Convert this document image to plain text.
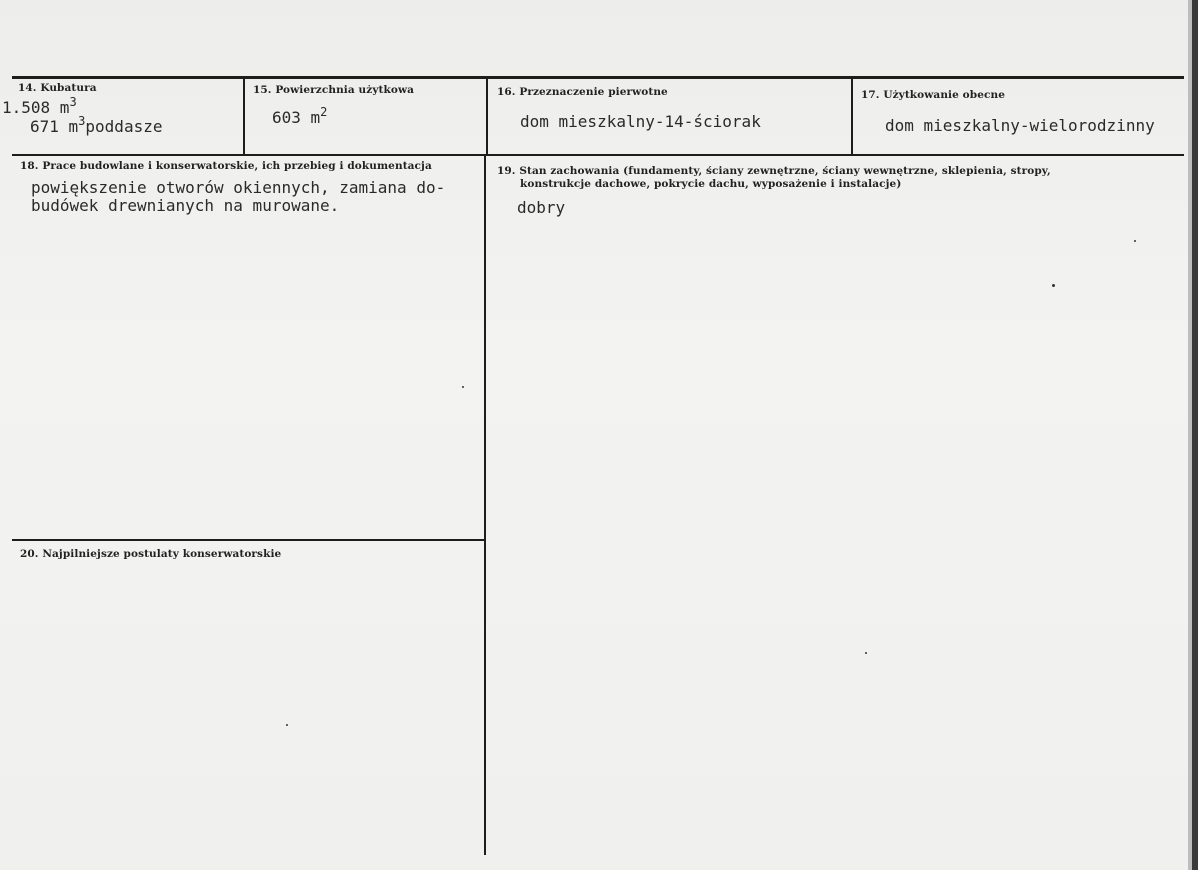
14. Kubatura
1.508 $m^3$
671 $m^3poddasze$
15. Powierzchnia użytkowa
603 $m^2$
16. Przeznaczenie pierwotne
dom mieszkalny-14-ściorak
17. Użytkowanie obecne
dom mieszkalny-wielorodzinny
18. Prace budowlane i konserwatorskie, ich przebieg i dokumentacja
powiększenie otworów okiennych, zamiana do-
budówek drewnianych na murowane.
19. Stan zachowania (fundamenty, ściany zewnętrzne, ściany wewnętrzne, sklepienia, stropy,
konstrukcje dachowe, pokrycie dachu, wyposażenie i instalacje)
dobry
20. Najpilniejsze postulaty konserwatorskie
